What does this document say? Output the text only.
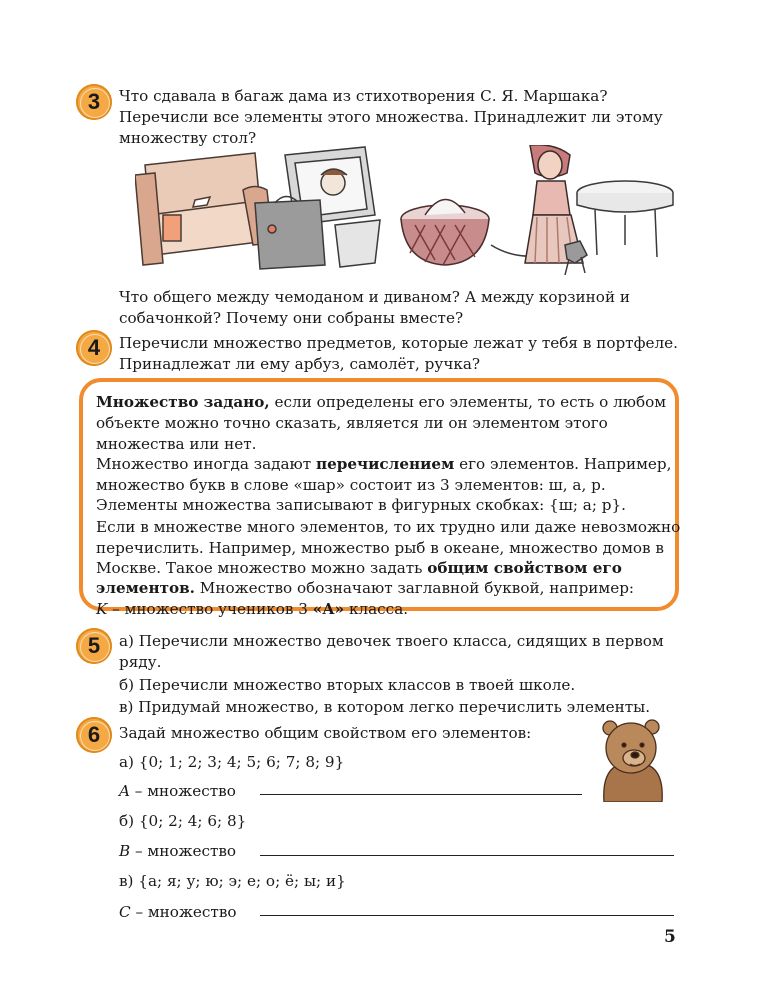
3	Что сдавала в багаж дама из стихотворения С. Я. Маршака?
Перечисли все элементы этого множества. Принадлежит ли этому
множеству стол?
Что общего между чемоданом и диваном? А между корзиной и
собачонкой? Почему они собраны вместе?
4	Перечисли множество предметов, которые лежат у тебя в портфеле.
Принадлежат ли ему арбуз, самолёт, ручка?
Множество задано, если определены его элементы, то есть о любом
объекте можно точно сказать, является ли он элементом этого
множества или нет.
Множество иногда задают перечислением его элементов. Например,
множество букв в слове «шар» состоит из 3 элементов: ш, а, р.
Элементы множества записывают в фигурных скобках: {ш; а; р}.
Если в множестве много элементов, то их трудно или даже невозможно
перечислить. Например, множество рыб в океане, множество домов в
Москве. Такое множество можно задать общим свойством его
элементов. Множество обозначают заглавной буквой, например:
K – множество учеников 3 «А» класса.
5	а) Перечисли множество девочек твоего класса, сидящих в первом
ряду.
б) Перечисли множество вторых классов в твоей школе.
в) Придумай множество, в котором легко перечислить элементы.
6	Задай множество общим свойством его элементов:
а) {0; 1; 2; 3; 4; 5; 6; 7; 8; 9}
A – множество
б) {0; 2; 4; 6; 8}
B – множество
в) {а; я; у; ю; э; е; о; ё; ы; и}
C – множество
5
